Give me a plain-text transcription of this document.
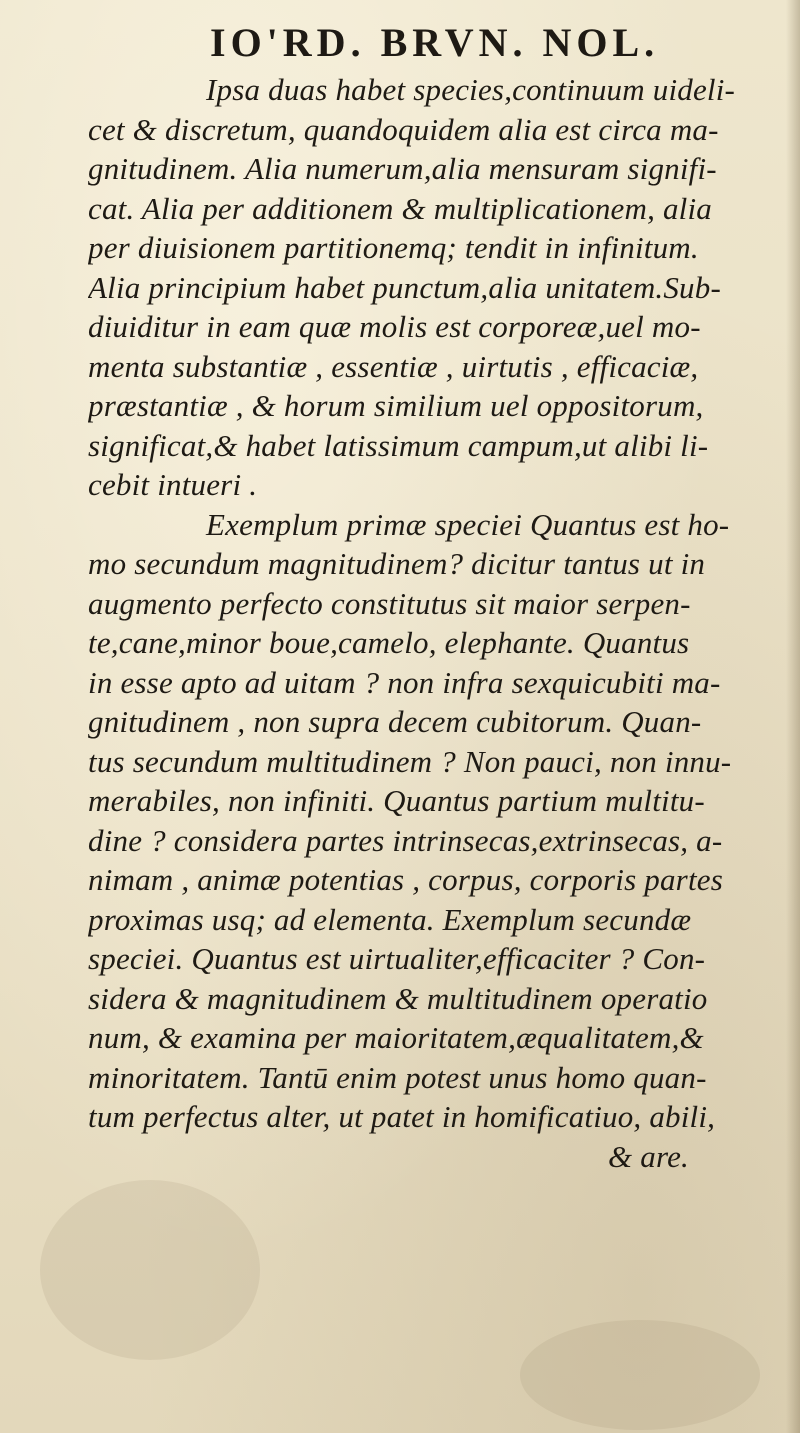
IO'RD. BRVN. NOL.
Ipsa duas habet species,continuum uideli-
cet & discretum, quandoquidem alia est circa ma-
gnitudinem. Alia numerum,alia mensuram signifi-
cat. Alia per additionem & multiplicationem, alia
per diuisionem partitionemq; tendit in infinitum.
Alia principium habet punctum,alia unitatem.Sub-
diuiditur in eam quæ molis est corporeæ,uel mo-
menta substantiæ , essentiæ , uirtutis , efficaciæ,
præstantiæ , & horum similium uel oppositorum,
significat,& habet latissimum campum,ut alibi li-
cebit intueri .
Exemplum primæ speciei Quantus est ho-
mo secundum magnitudinem? dicitur tantus ut in
augmento perfecto constitutus sit maior serpen-
te,cane,minor boue,camelo, elephante. Quantus
in esse apto ad uitam ? non infra sexquicubiti ma-
gnitudinem , non supra decem cubitorum. Quan-
tus secundum multitudinem ? Non pauci, non innu-
merabiles, non infiniti. Quantus partium multitu-
dine ? considera partes intrinsecas,extrinsecas, a-
nimam , animæ potentias , corpus, corporis partes
proximas usq; ad elementa. Exemplum secundæ
speciei. Quantus est uirtualiter,efficaciter ? Con-
sidera & magnitudinem & multitudinem operatio
num, & examina per maioritatem,æqualitatem,&
minoritatem. Tantū enim potest unus homo quan-
tum perfectus alter, ut patet in homificatiuo, abili,
& are.
